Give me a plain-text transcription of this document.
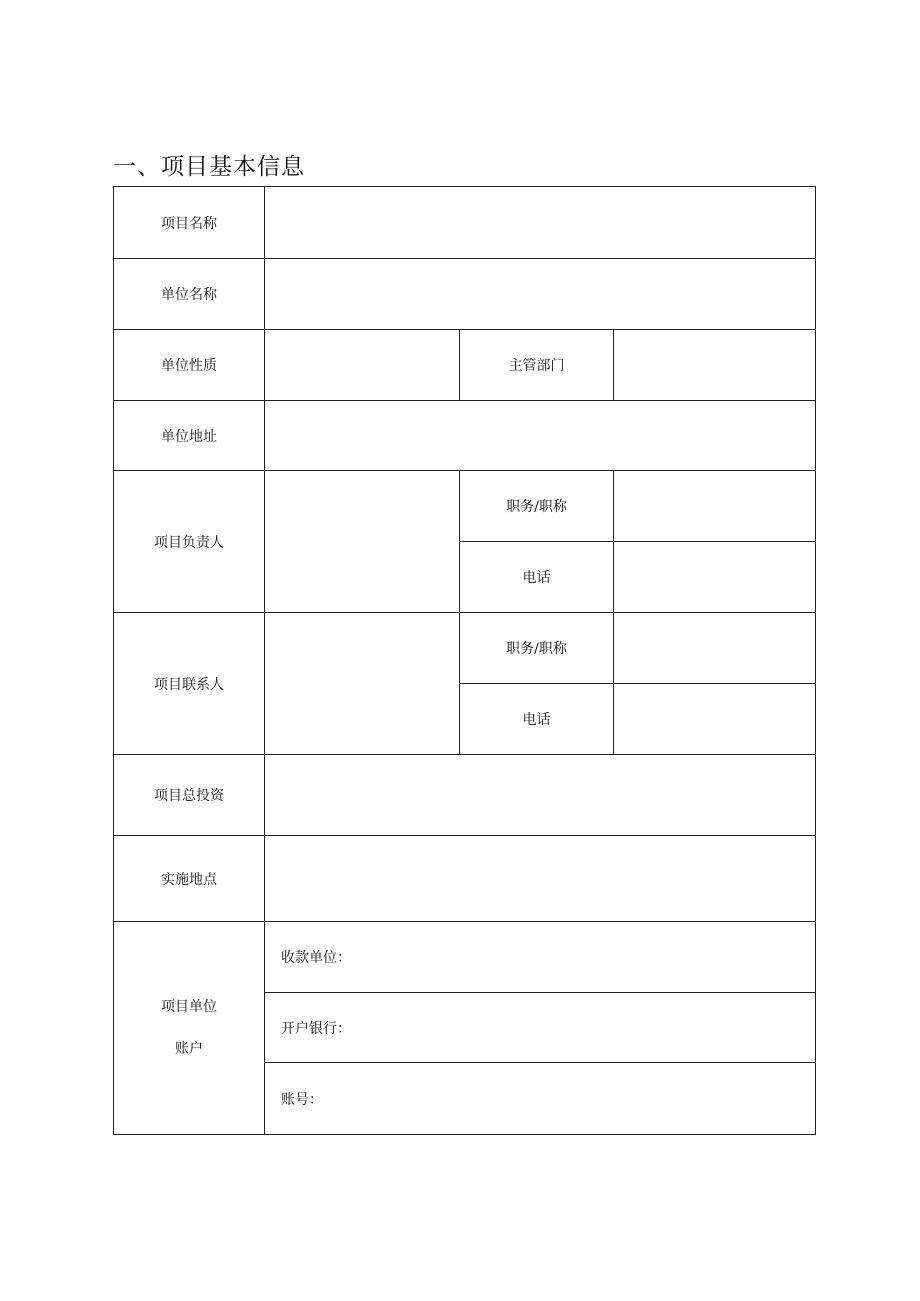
一、项目基本信息
项目名称			
单位名称			
单位性质		主管部门	
单位地址			
项目负责人		职务/职称	
		电话	
项目联系人		职务/职称	
		电话	
项目总投资			
实施地点			

项目单位
账户	收款单位：		
	开户银行：		
	账号：		
